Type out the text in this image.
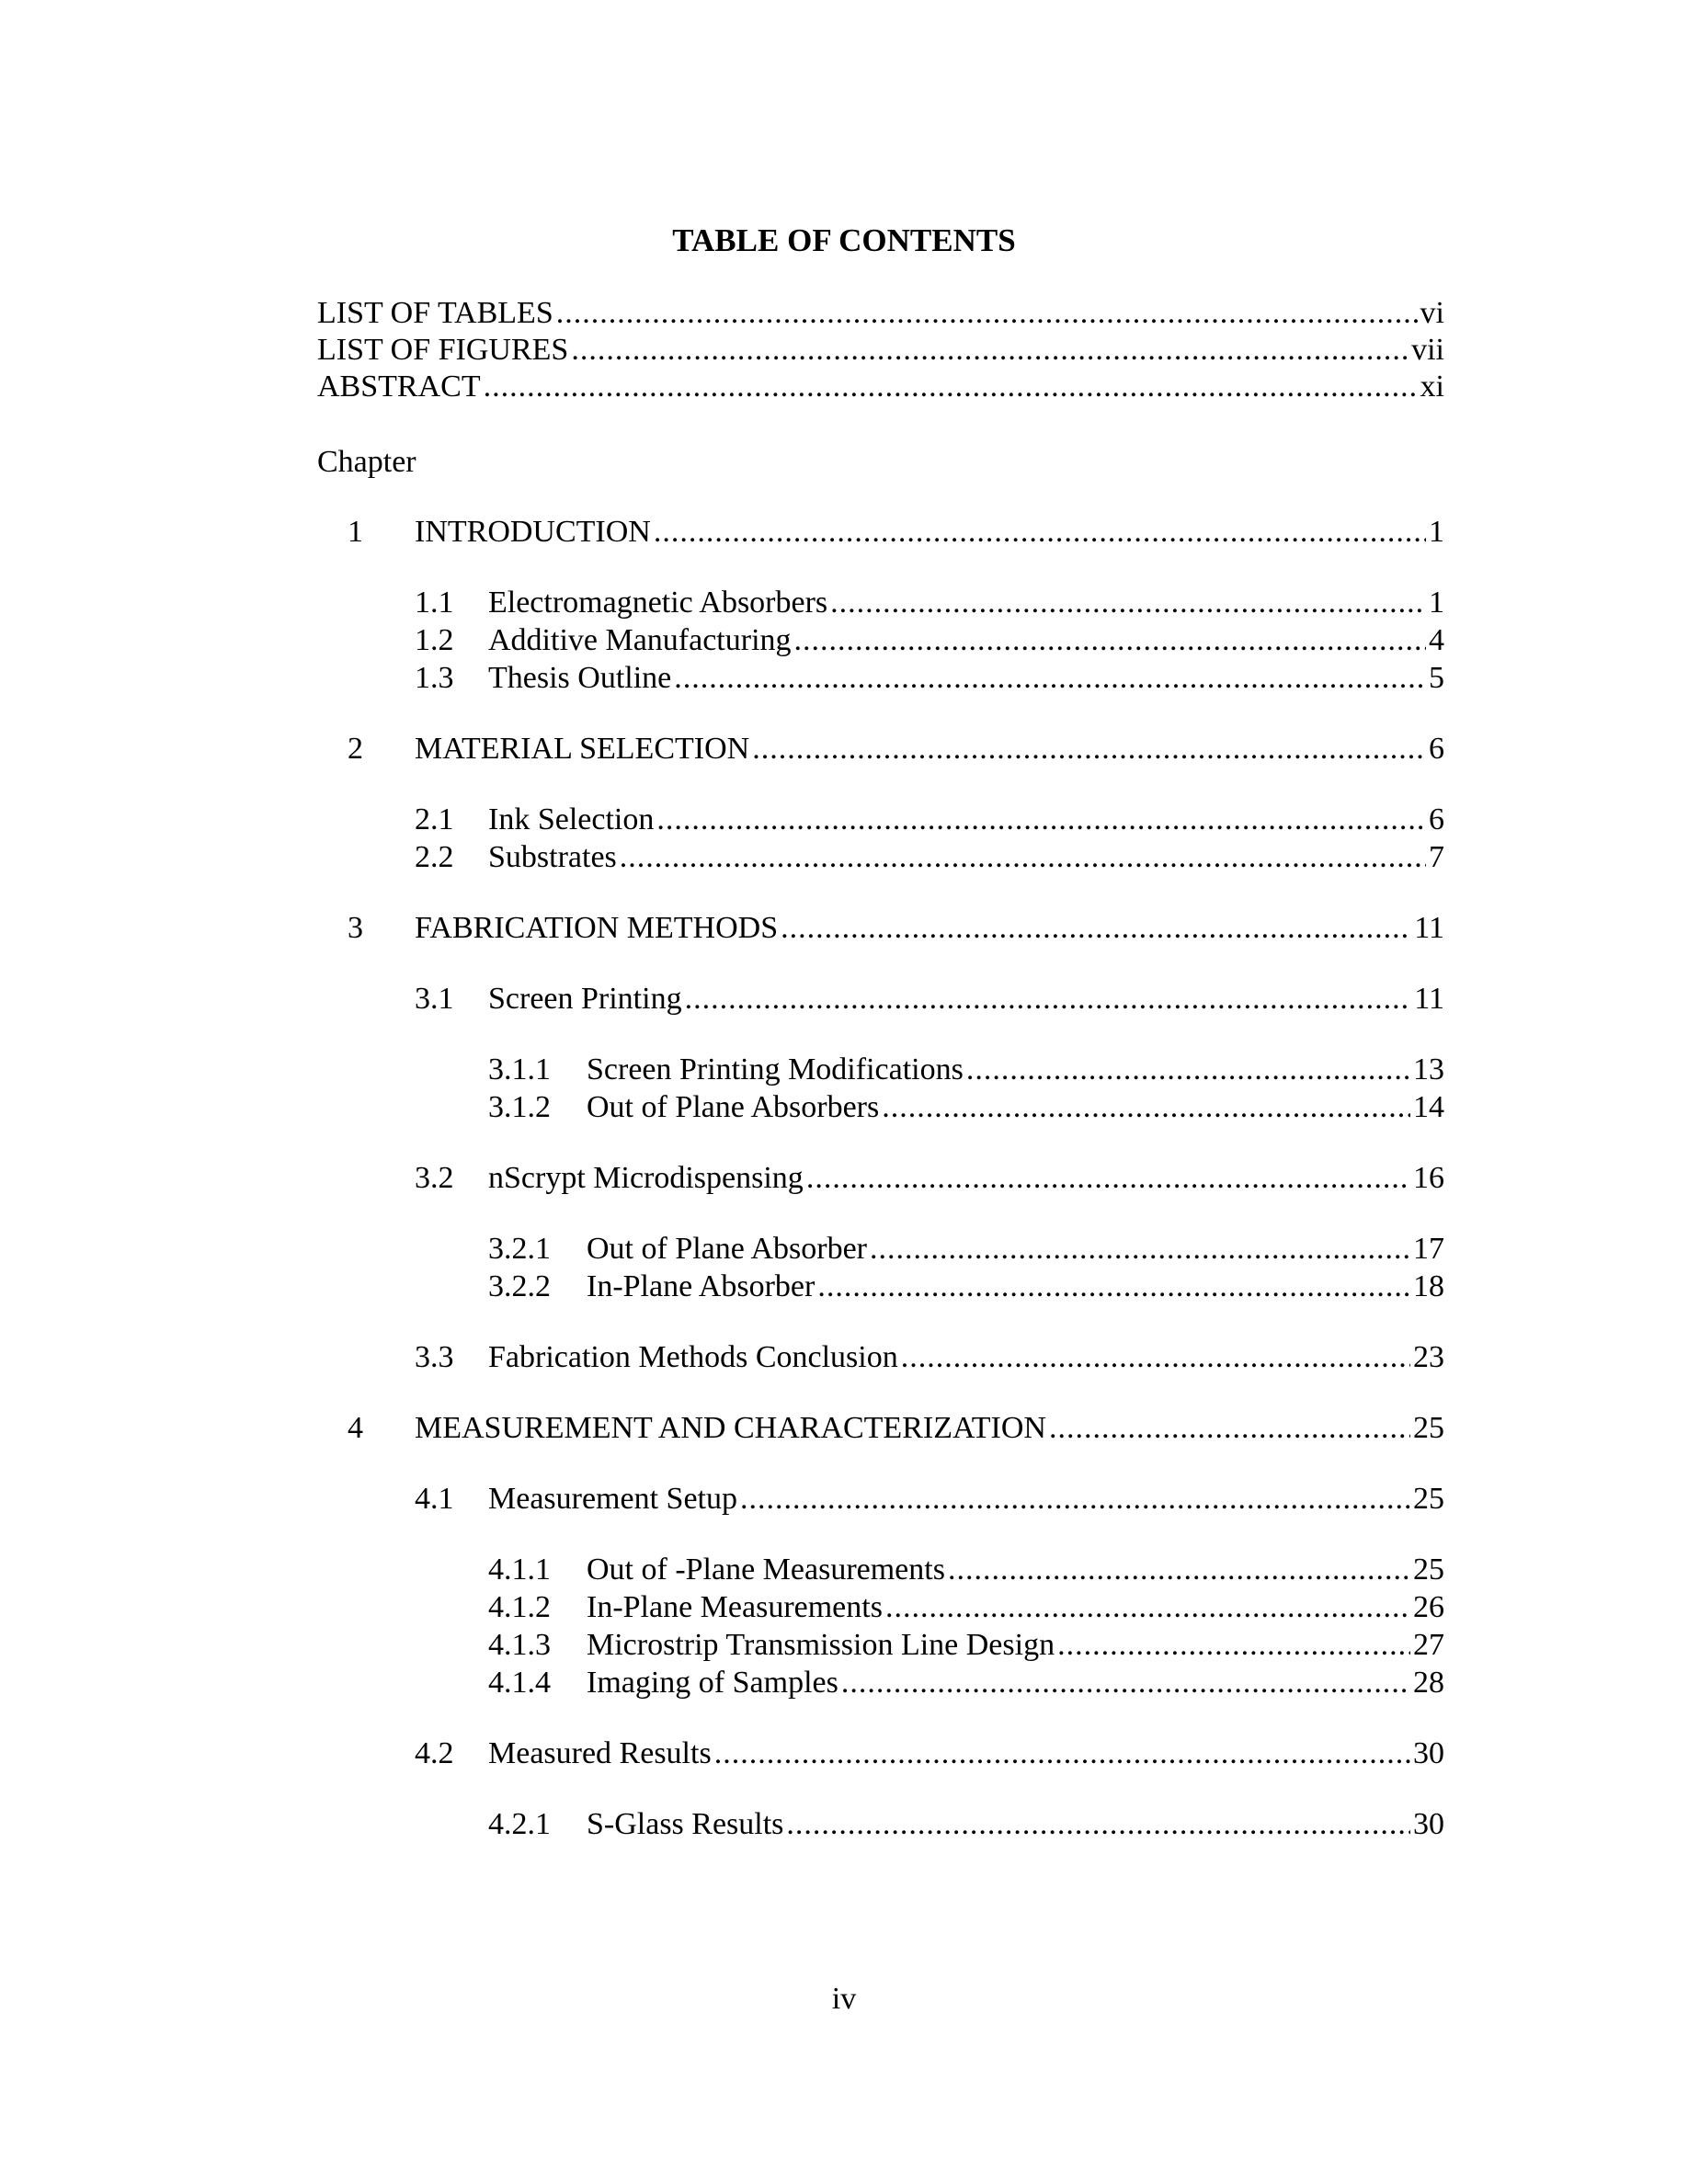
TABLE OF CONTENTS
LIST OF TABLES .....	vi
LIST OF FIGURES .....	vii
ABSTRACT .....	xi
Chapter
1	INTRODUCTION .....	1
1.1	Electromagnetic Absorbers .....	1
1.2	Additive Manufacturing .....	4
1.3	Thesis Outline .....	5
2	MATERIAL SELECTION .....	6
2.1	Ink Selection .....	6
2.2	Substrates .....	7
3	FABRICATION METHODS .....	11
3.1	Screen Printing .....	11
3.1.1	Screen Printing Modifications .....	13
3.1.2	Out of Plane Absorbers .....	14
3.2	nScrypt Microdispensing .....	16
3.2.1	Out of Plane Absorber .....	17
3.2.2	In-Plane Absorber .....	18
3.3	Fabrication Methods Conclusion .....	23
4	MEASUREMENT AND CHARACTERIZATION .....	25
4.1	Measurement Setup .....	25
4.1.1	Out of -Plane Measurements .....	25
4.1.2	In-Plane Measurements .....	26
4.1.3	Microstrip Transmission Line Design .....	27
4.1.4	Imaging of Samples .....	28
4.2	Measured Results .....	30
4.2.1	S-Glass Results .....	30
iv
